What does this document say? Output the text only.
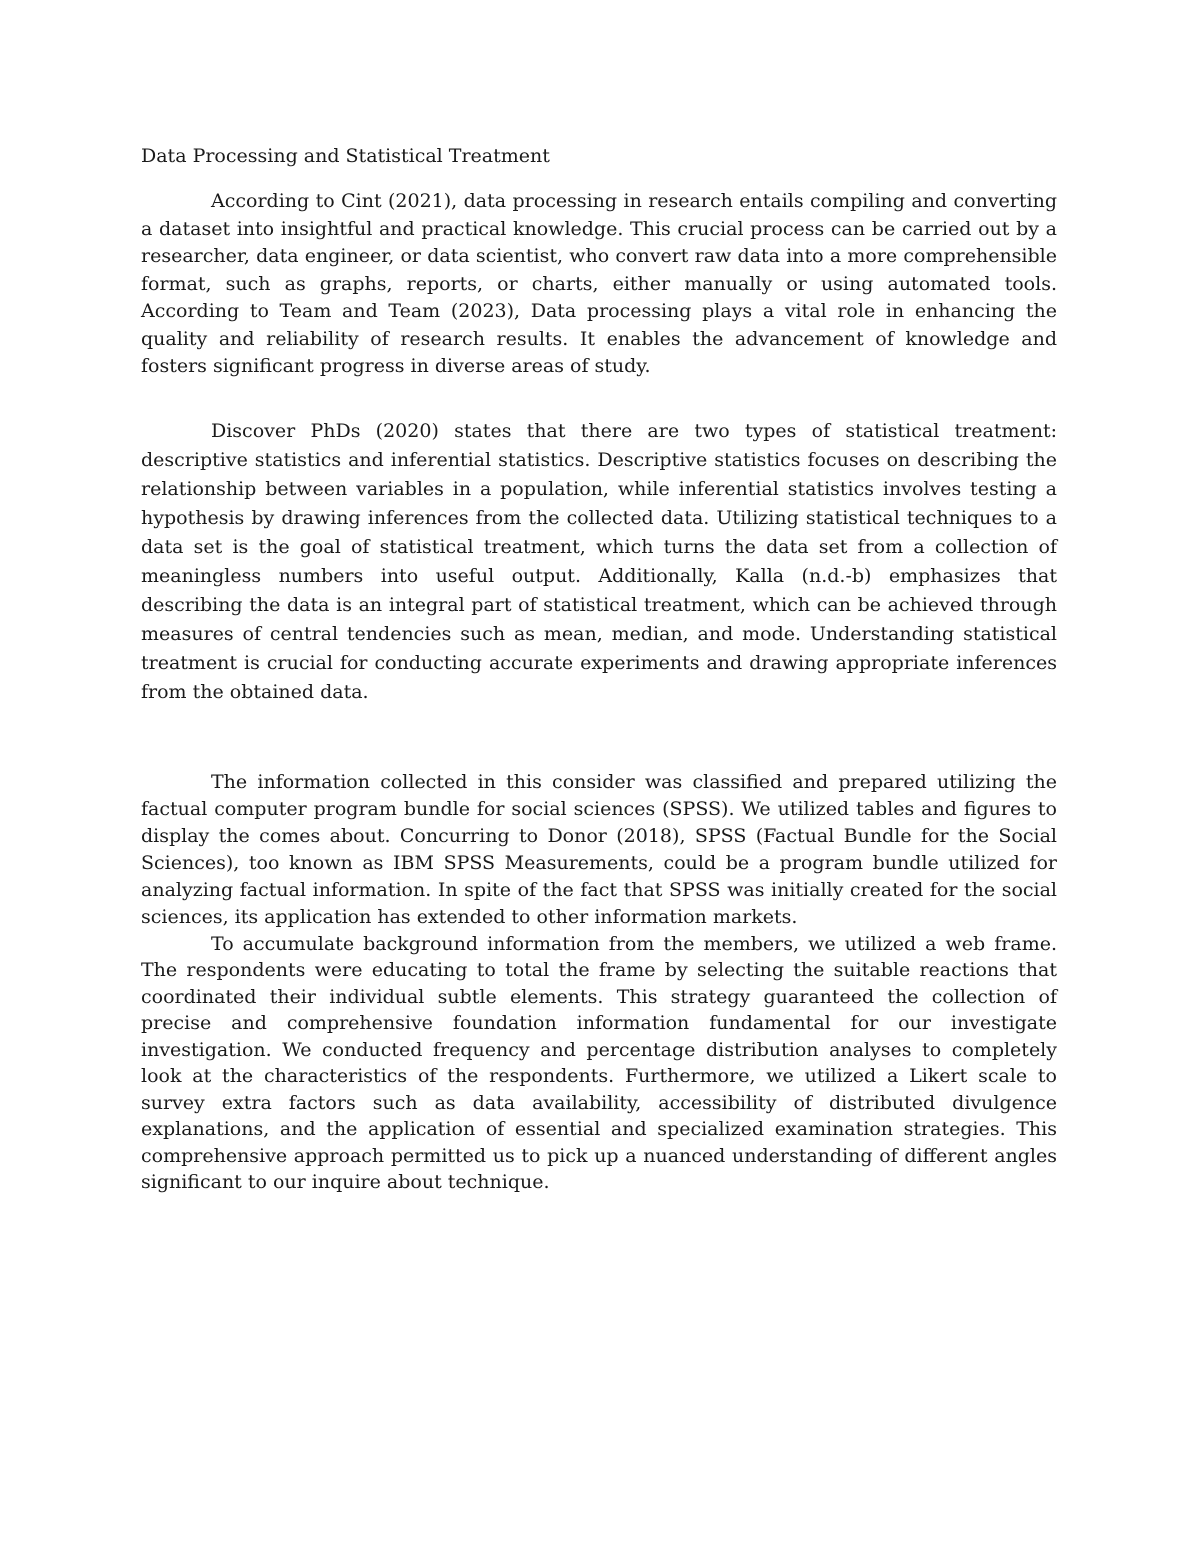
Data Processing and Statistical Treatment

According to Cint (2021), data processing in research entails compiling and converting a dataset into insightful and practical knowledge. This crucial process can be carried out by a researcher, data engineer, or data scientist, who convert raw data into a more comprehensible format, such as graphs, reports, or charts, either manually or using automated tools. According to Team and Team (2023), Data processing plays a vital role in enhancing the quality and reliability of research results. It enables the advancement of knowledge and fosters significant progress in diverse areas of study.

Discover PhDs (2020) states that there are two types of statistical treatment: descriptive statistics and inferential statistics. Descriptive statistics focuses on describing the relationship between variables in a population, while inferential statistics involves testing a hypothesis by drawing inferences from the collected data. Utilizing statistical techniques to a data set is the goal of statistical treatment, which turns the data set from a collection of meaningless numbers into useful output. Additionally, Kalla (n.d.-b) emphasizes that describing the data is an integral part of statistical treatment, which can be achieved through measures of central tendencies such as mean, median, and mode. Understanding statistical treatment is crucial for conducting accurate experiments and drawing appropriate inferences from the obtained data.

The information collected in this consider was classified and prepared utilizing the factual computer program bundle for social sciences (SPSS). We utilized tables and figures to display the comes about. Concurring to Donor (2018), SPSS (Factual Bundle for the Social Sciences), too known as IBM SPSS Measurements, could be a program bundle utilized for analyzing factual information. In spite of the fact that SPSS was initially created for the social sciences, its application has extended to other information markets.

To accumulate background information from the members, we utilized a web frame. The respondents were educating to total the frame by selecting the suitable reactions that coordinated their individual subtle elements. This strategy guaranteed the collection of precise and comprehensive foundation information fundamental for our investigate investigation. We conducted frequency and percentage distribution analyses to completely look at the characteristics of the respondents. Furthermore, we utilized a Likert scale to survey extra factors such as data availability, accessibility of distributed divulgence explanations, and the application of essential and specialized examination strategies. This comprehensive approach permitted us to pick up a nuanced understanding of different angles significant to our inquire about technique.
